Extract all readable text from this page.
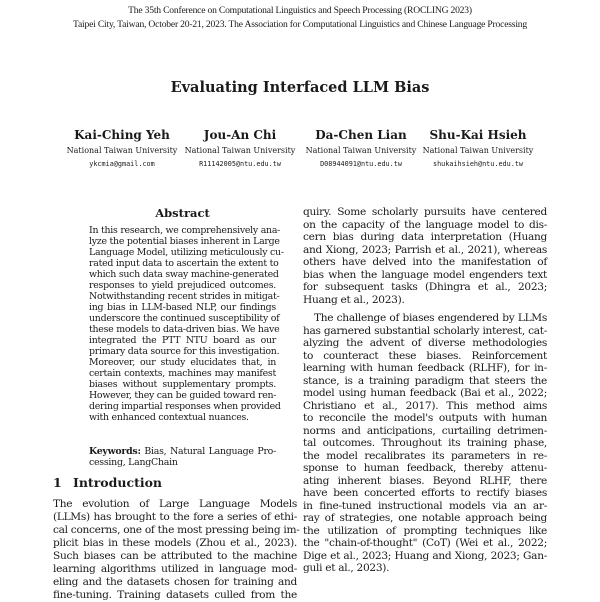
The 35th Conference on Computational Linguistics and Speech Processing (ROCLING 2023)
Taipei City, Taiwan, October 20-21, 2023. The Association for Computational Linguistics and Chinese Language Processing
Evaluating Interfaced LLM Bias
Kai-Ching Yeh
National Taiwan University
ykcmia@gmail.com
Jou-An Chi
National Taiwan University
R11142005@ntu.edu.tw
Da-Chen Lian
National Taiwan University
D08944091@ntu.edu.tw
Shu-Kai Hsieh
National Taiwan University
shukaihsieh@ntu.edu.tw
Abstract
In this research, we comprehensively ana-
lyze the potential biases inherent in Large
Language Model, utilizing meticulously cu-
rated input data to ascertain the extent to
which such data sway machine-generated
responses to yield prejudiced outcomes.
Notwithstanding recent strides in mitigat-
ing bias in LLM-based NLP, our findings
underscore the continued susceptibility of
these models to data-driven bias. We have
integrated the PTT NTU board as our
primary data source for this investigation.
Moreover, our study elucidates that, in
certain contexts, machines may manifest
biases without supplementary prompts.
However, they can be guided toward ren-
dering impartial responses when provided
with enhanced contextual nuances.
Keywords: Bias, Natural Language Pro-
cessing, LangChain
1 Introduction
The evolution of Large Language Models
(LLMs) has brought to the fore a series of ethi-
cal concerns, one of the most pressing being im-
plicit bias in these models (Zhou et al., 2023).
Such biases can be attributed to the machine
learning algorithms utilized in language mod-
eling and the datasets chosen for training and
fine-tuning. Training datasets culled from the
quiry. Some scholarly pursuits have centered
on the capacity of the language model to dis-
cern bias during data interpretation (Huang
and Xiong, 2023; Parrish et al., 2021), whereas
others have delved into the manifestation of
bias when the language model engenders text
for subsequent tasks (Dhingra et al., 2023;
Huang et al., 2023).
The challenge of biases engendered by LLMs
has garnered substantial scholarly interest, cat-
alyzing the advent of diverse methodologies
to counteract these biases. Reinforcement
learning with human feedback (RLHF), for in-
stance, is a training paradigm that steers the
model using human feedback (Bai et al., 2022;
Christiano et al., 2017). This method aims
to reconcile the model's outputs with human
norms and anticipations, curtailing detrimen-
tal outcomes. Throughout its training phase,
the model recalibrates its parameters in re-
sponse to human feedback, thereby attenu-
ating inherent biases. Beyond RLHF, there
have been concerted efforts to rectify biases
in fine-tuned instructional models via an ar-
ray of strategies, one notable approach being
the utilization of prompting techniques like
the "chain-of-thought" (CoT) (Wei et al., 2022;
Dige et al., 2023; Huang and Xiong, 2023; Gan-
guli et al., 2023).
